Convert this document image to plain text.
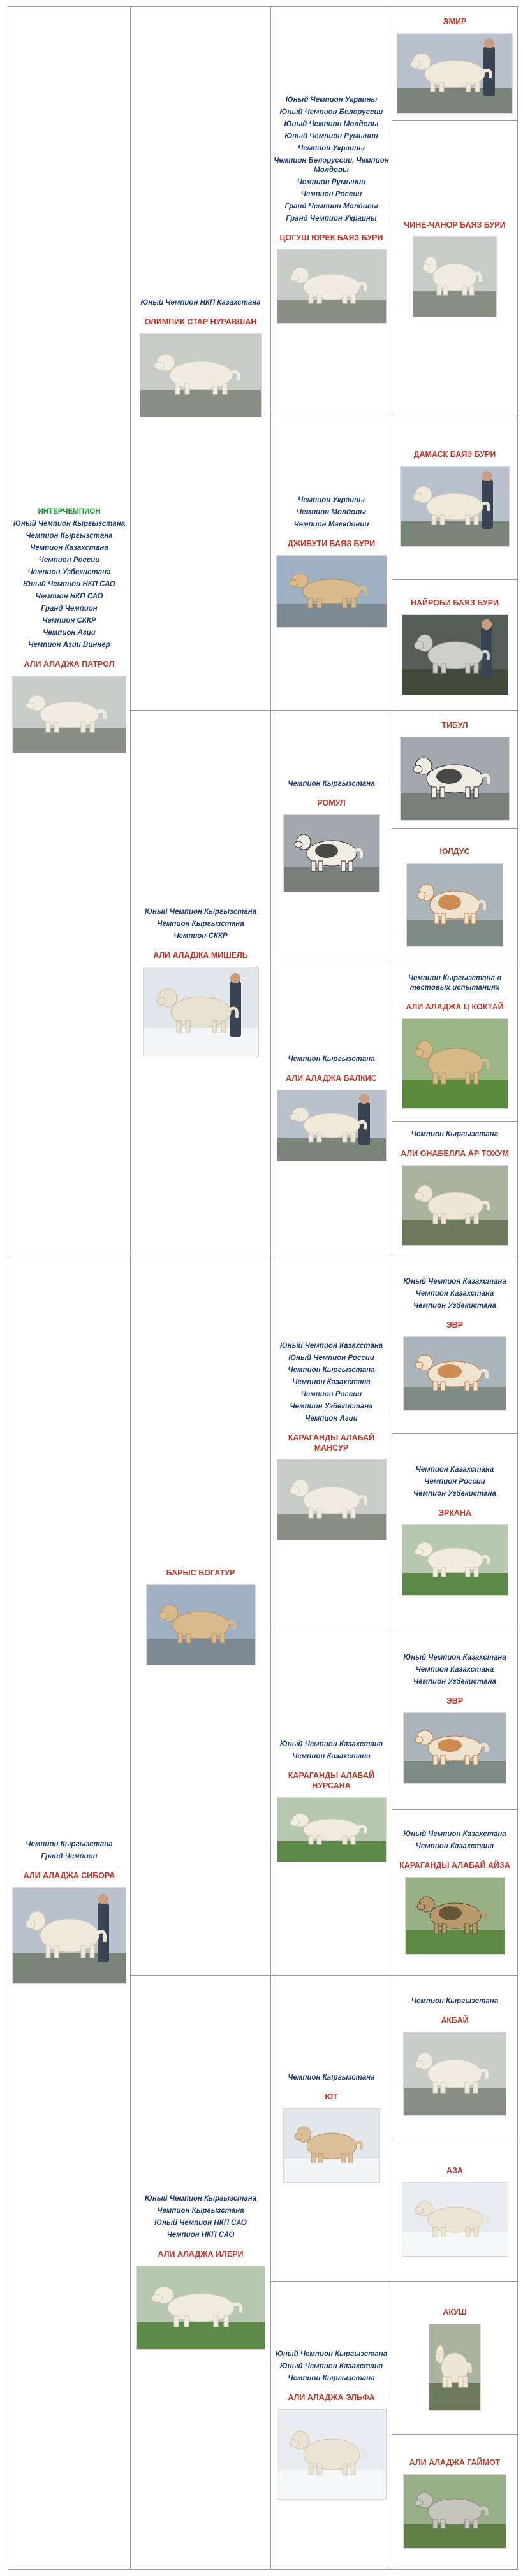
ИНТЕРЧЕМПИОН
Юный Чемпион Кыргызстана
Чемпион Кыргызстана
Чемпион Казахстана
Чемпион России
Чемпион Узбекистана
Юный Чемпион НКП САО
Чемпион НКП САО
Гранд Чемпион
Чемпион СККР
Чемпион Азии
Чемпион Азии Виннер
АЛИ АЛАДЖА ПАТРОЛ
Чемпион Кыргызстана
Гранд Чемпион
АЛИ АЛАДЖА СИБОРА
Юный Чемпион НКП Казахстана
ОЛИМПИК СТАР НУРАВШАН
Юный Чемпион Кыргызстана
Чемпион Кыргызстана
Чемпион СККР
АЛИ АЛАДЖА МИШЕЛЬ
БАРЫС БОГАТУР
Юный Чемпион Кыргызстана
Чемпион Кыргызстана
Юный Чемпион НКП САО
Чемпион НКП САО
АЛИ АЛАДЖА ИЛЕРИ
Юный Чемпион Украины
Юный Чемпион Белоруссии
Юный Чемпион Молдовы
Юный Чемпион Румынии
Чемпион Украины
Чемпион Белоруссии, Чемпион Молдовы
Чемпион Румынии
Чемпион России
Гранд Чемпион Молдовы
Гранд Чемпион Украины
ЦОГУШ ЮРЕК БАЯЗ БУРИ
Чемпион Украины
Чемпион Молдовы
Чемпион Македонии
ДЖИБУТИ БАЯЗ БУРИ
Чемпион Кыргызстана
РОМУЛ
Чемпион Кыргызстана
АЛИ АЛАДЖА БАЛКИС
Юный Чемпион Казахстана
Юный Чемпион России
Чемпион Кыргызстана
Чемпион Казахстана
Чемпион России
Чемпион Узбекистана
Чемпион Азии
КАРАГАНДЫ АЛАБАЙ МАНСУР
Юный Чемпион Казахстана
Чемпион Казахстана
КАРАГАНДЫ АЛАБАЙ НУРСАНА
Чемпион Кыргызстана
ЮТ
Юный Чемпион Кыргызстана
Юный Чемпион Казахстана
Чемпион Кыргызстана
АЛИ АЛАДЖА ЭЛЬФА
ЭМИР
ЧИНЕ-ЧАНОР БАЯЗ БУРИ
ДАМАСК БАЯЗ БУРИ
НАЙРОБИ БАЯЗ БУРИ
ТИБУЛ
ЮЛДУС
Чемпион Кыргызстана в тестовых испытаниях
АЛИ АЛАДЖА Ц КОКТАЙ
Чемпион Кыргызстана
АЛИ ОНАБЕЛЛА АР ТОХУМ
Юный Чемпион Казахстана
Чемпион Казахстана
Чемпион Узбекистана
ЭВР
Чемпион Казахстана
Чемпион России
Чемпион Узбекистана
ЭРКАНА
Юный Чемпион Казахстана
Чемпион Казахстана
Чемпион Узбекистана
ЭВР
Юный Чемпион Казахстана
Чемпион Казахстана
КАРАГАНДЫ АЛАБАЙ АЙЗА
Чемпион Кыргызстана
АКБАЙ
АЗА
АКУШ
АЛИ АЛАДЖА ГАЙМОТ
